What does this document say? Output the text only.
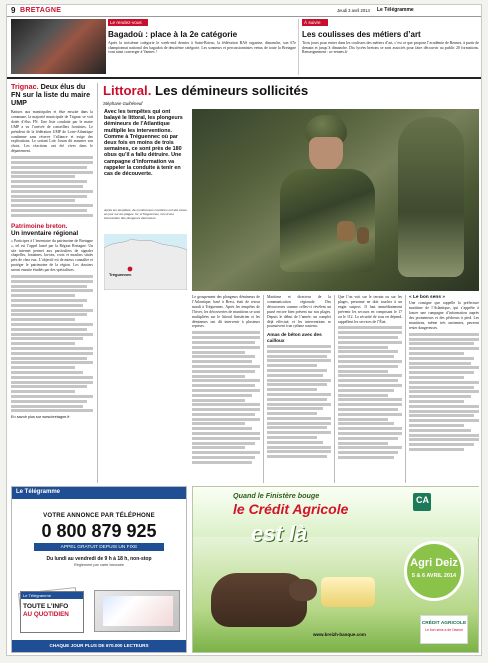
9 BRETAGNE	Jeudi 3 avril 2014 Le Télégramme
Le rendez-vous
Bagadoù : place à la 2e catégorie
Après la troisième catégorie le week-end dernier à Saint-Brieuc, la fédération BAS organise, dimanche, son 67e championnat national des bagadoù de deuxième catégorie. Les sonneurs et percussionnistes venus de toute la Bretagne vont ainsi converger à Vannes !
À suivre
Les coulisses des métiers d’art
Trois jours pour entrer dans les coulisses des métiers d’art, c’est ce que propose l’académie de Rennes, à partir de demain et jusqu’à dimanche. Dix lycées bretons se sont associés pour faire découvrir au public 20 formations. Renseignement : ac-rennes.fr
Trignac. Deux élus du FN sur la liste du maire UMP
Battues aux municipales et élue ensuite dans la commune, la majorité municipale de Trignac se voit dotée d’élus FN. Une liste conduite par le maire UMP a vu l’arrivée de conseillers frontistes. Le président de la fédération UMP de Loire-Atlantique condamne sans réserve l’alliance et exige des explications. Le sortant Loïc Jouan dit assumer son choix. Les réactions ont été vives dans le département.
Patrimoine breton.
Un inventaire régional
« Participez à l’inventaire du patrimoine de Bretagne », tel est l’appel lancé par la Région Bretagne. Un site internet permet aux particuliers de signaler chapelles, fontaines, lavoirs, croix et moulins situés près de chez eux. L’objectif est de mieux connaître et protéger le patrimoine de la région. Les dossiers seront ensuite étudiés par des spécialistes.
En savoir plus sur www.bretagne.fr
Littoral. Les démineurs sollicités
Stéphane Guihéneuf
Avec les tempêtes qui ont balayé le littoral, les plongeurs démineurs de l’Atlantique multiplie les interventions. Comme à Tréguennec où par deux fois en moins de trois semaines, ce sont près de 180 obus qu’il a fallu détruire. Une campagne d’information va rappeler la conduite à tenir en cas de découverte.
Après les tempêtes, de nombreuses munitions ont été mises au jour sur les plages. Ici, à Tréguennec, lors d’une intervention des plongeurs démineurs.
Tréguennec
Le groupement des plongeurs démineurs de l’Atlantique, basé à Brest, était de retour mardi à Tréguennec. Après les tempêtes de l’hiver, les découvertes de munitions se sont multipliées sur le littoral finistérien et les démineurs ont dû intervenir à plusieurs reprises.
Maritime et directeur de la communication régionale. Des découvertes comme celles-ci révèlent un passé encore bien présent sur nos plages. Depuis le début de l’année, un complet déjà effectué, et les interventions se poursuivent à un rythme soutenu.
Amas de béton avec des cailloux
Que l’on voit sur le terrain ou sur les plages, personne ne doit toucher à un engin suspect. Il faut immédiatement prévenir les secours en composant le 17 ou le 112. La sécurité de tous en dépend, rappellent les services de l’État.
« Le bon sens »
Une consigne que rappelle la préfecture maritime de l’Atlantique, qui s’apprête à lancer une campagne d’information auprès des promeneurs et des pêcheurs à pied. Les munitions, même très anciennes, peuvent rester dangereuses.
Le Télégramme
VOTRE ANNONCE PAR TÉLÉPHONE
0 800 879 925
APPEL GRATUIT DEPUIS UN FIXE
Du lundi au vendredi de 9 h à 18 h, non-stop
Règlement par carte bancaire
Le Télégramme
TOUTE L’INFO
AU QUOTIDIEN
CHAQUE JOUR PLUS DE 670.000 LECTEURS
Quand le Finistère bouge
le Crédit Agricole
est là
Agri Deiz
5 & 6 AVRIL 2014
www.breizh-banque.com
CRÉDIT AGRICOLE
Le bon sens a de l’avenir
CA
